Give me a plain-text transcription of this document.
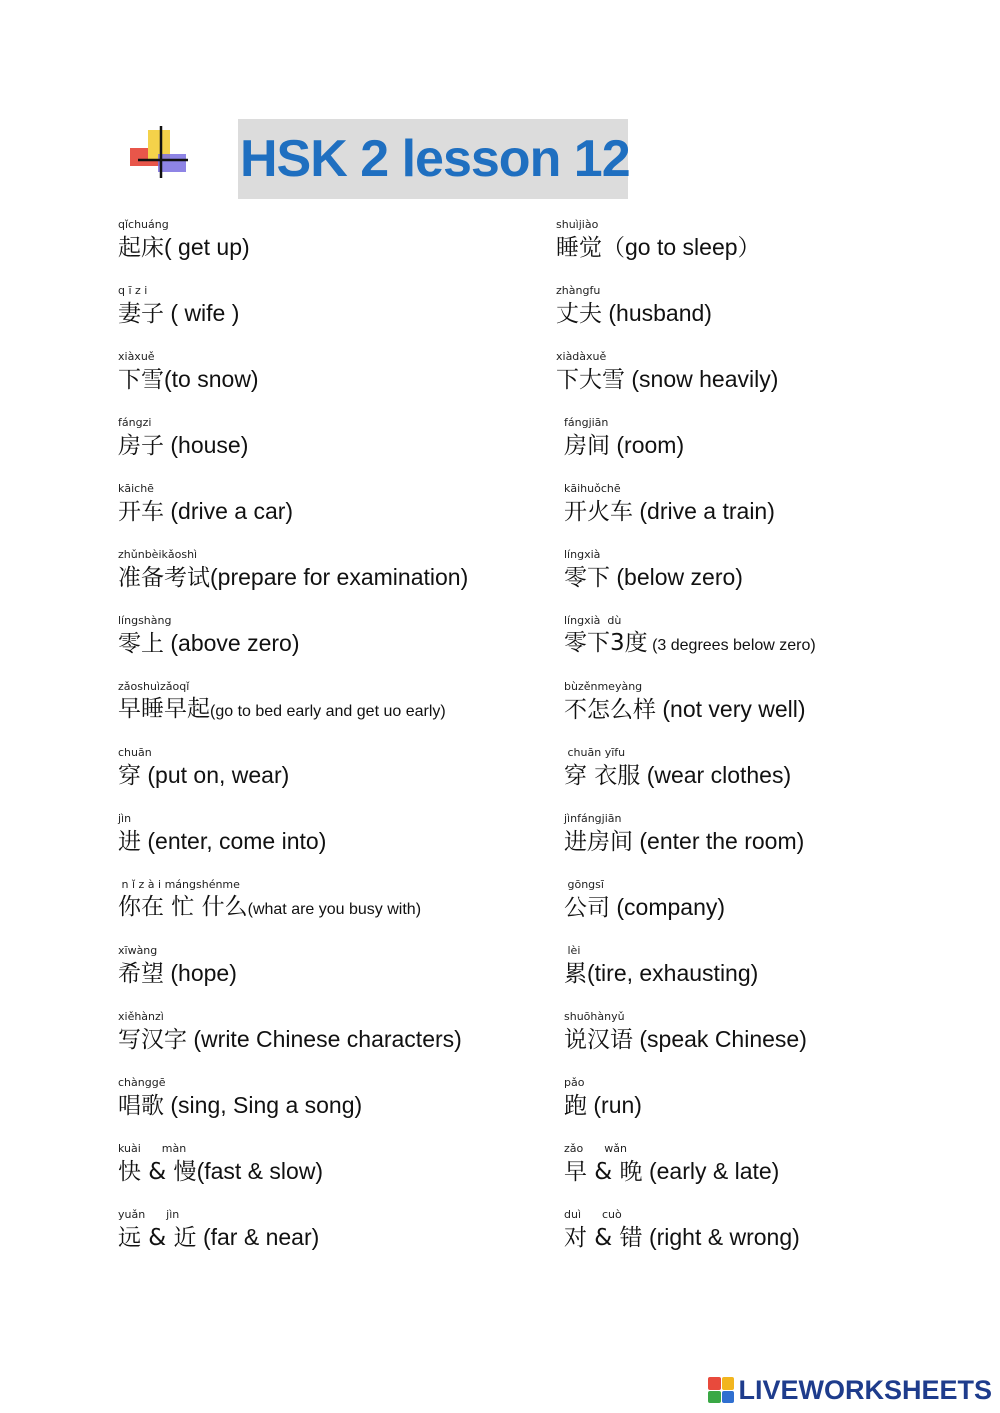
HSK 2 lesson 12
qǐchuáng
起床( get up)
shuìjiào
睡觉（go to sleep）
q ī z i
妻子 ( wife )
zhàngfu
丈夫 (husband)
xiàxuě
下雪(to snow)
xiàdàxuě
下大雪 (snow heavily)
fángzi
房子 (house)
fángjiān
房间 (room)
kāichē
开车 (drive a car)
kāihuǒchē
开火车 (drive a train)
zhǔnbèikǎoshì
准备考试(prepare for examination)
língxià
零下 (below zero)
língshàng
零上 (above zero)
língxià  dù
零下3度 (3 degrees below zero)
zǎoshuìzǎoqǐ
早睡早起(go to bed early and get uo early)
bùzěnmeyàng
不怎么样 (not very well)
chuān
穿 (put on, wear)
chuān yīfu
穿 衣服 (wear clothes)
jìn
进 (enter, come into)
jìnfángjiān
进房间 (enter the room)
n ǐ z à i mángshénme
你在 忙 什么(what are you busy with)
gōngsī
公司 (company)
xīwàng
希望 (hope)
lèi
累(tire, exhausting)
xiěhànzì
写汉字 (write Chinese characters)
shuōhànyǔ
说汉语 (speak Chinese)
chànggē
唱歌 (sing, Sing a song)
pǎo
跑 (run)
kuài      màn
快 & 慢(fast & slow)
zǎo      wǎn
早 & 晚 (early & late)
yuǎn      jìn
远 & 近 (far & near)
duì      cuò
对 & 错 (right & wrong)
LIVEWORKSHEETS
